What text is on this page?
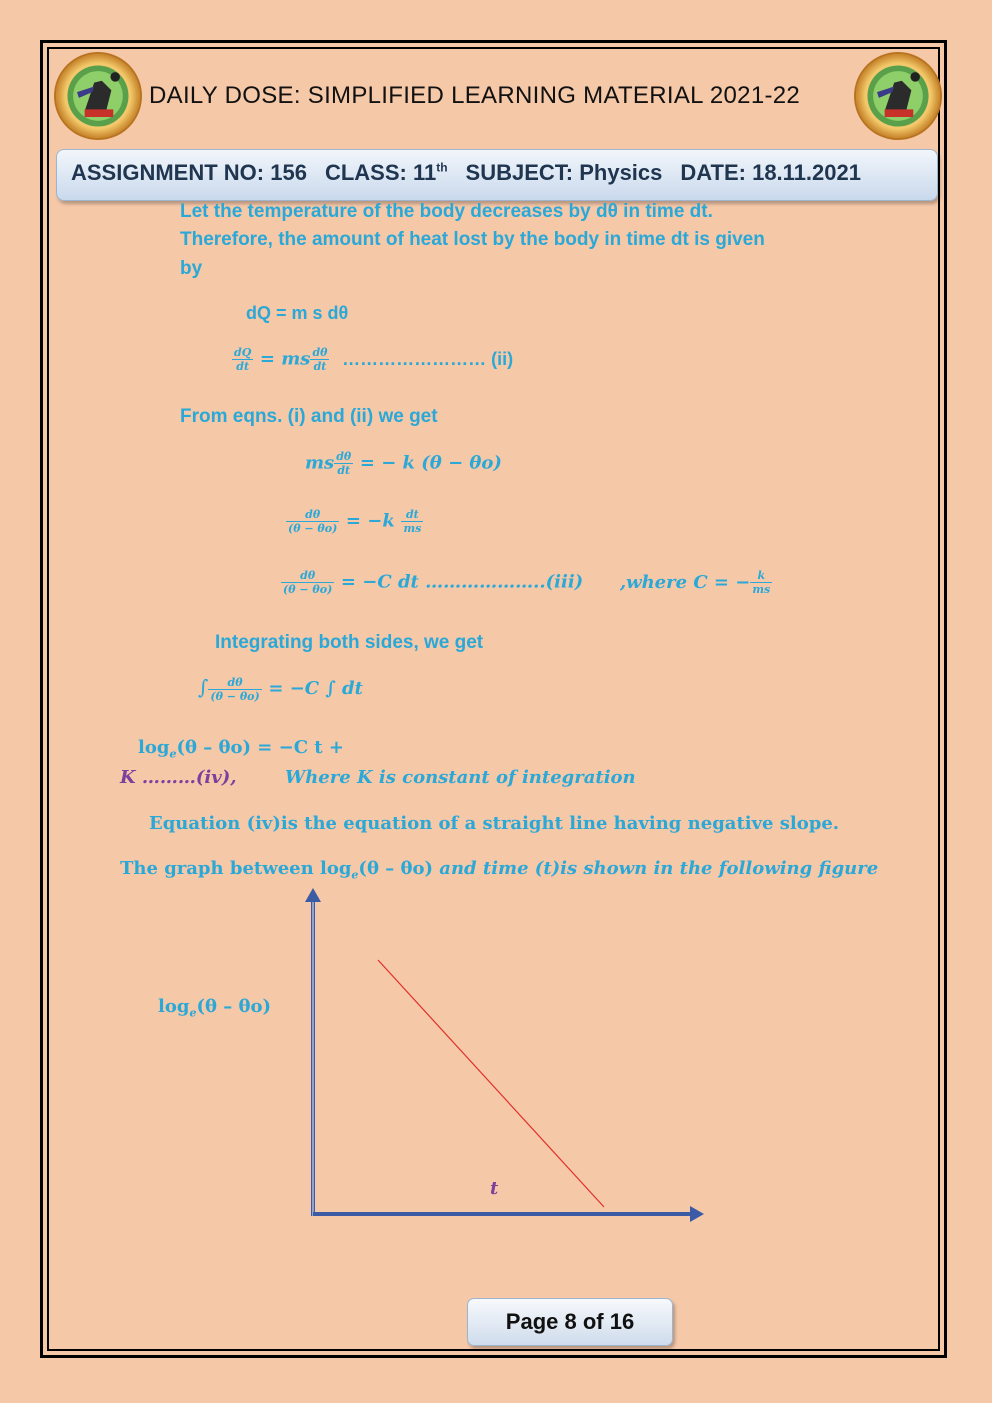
DAILY DOSE: SIMPLIFIED LEARNING MATERIAL 2021-22
ASSIGNMENT NO: 156 CLASS: 11th SUBJECT: Physics DATE: 18.11.2021
Let the temperature of the body decreases by dθ in time dt.
Therefore, the amount of heat lost by the body in time dt is given
by
dQ = m s dθ
$\frac{dQ}{dt}$ = ms $\frac{d\theta}{dt}$ …………………… (ii)
From eqns. (i) and (ii) we get
ms $\frac{d\theta}{dt}$ = − k (θ − θo)
$\frac{d\theta}{(\theta - \theta o)} = -k \frac{dt}{ms}$
$\frac{d\theta}{(\theta - \theta o)} = -C$ dt ………………..(iii) ,where C = − $\frac{k}{ms}$
Integrating both sides, we get
∫ $\frac{d\theta}{(\theta - \theta o)} = -C$ ∫ dt
$\log_e(\theta - \theta o) = -C$ t +
K ………(iv),	Where K is constant of integration
Equation (iv)is the equation of a straight line having negative slope.
The graph between $\log_e(\theta - \theta o)$ and time (t)is shown in the following figure
$\log_e(\theta - \theta o)$
t
Page 8 of 16
